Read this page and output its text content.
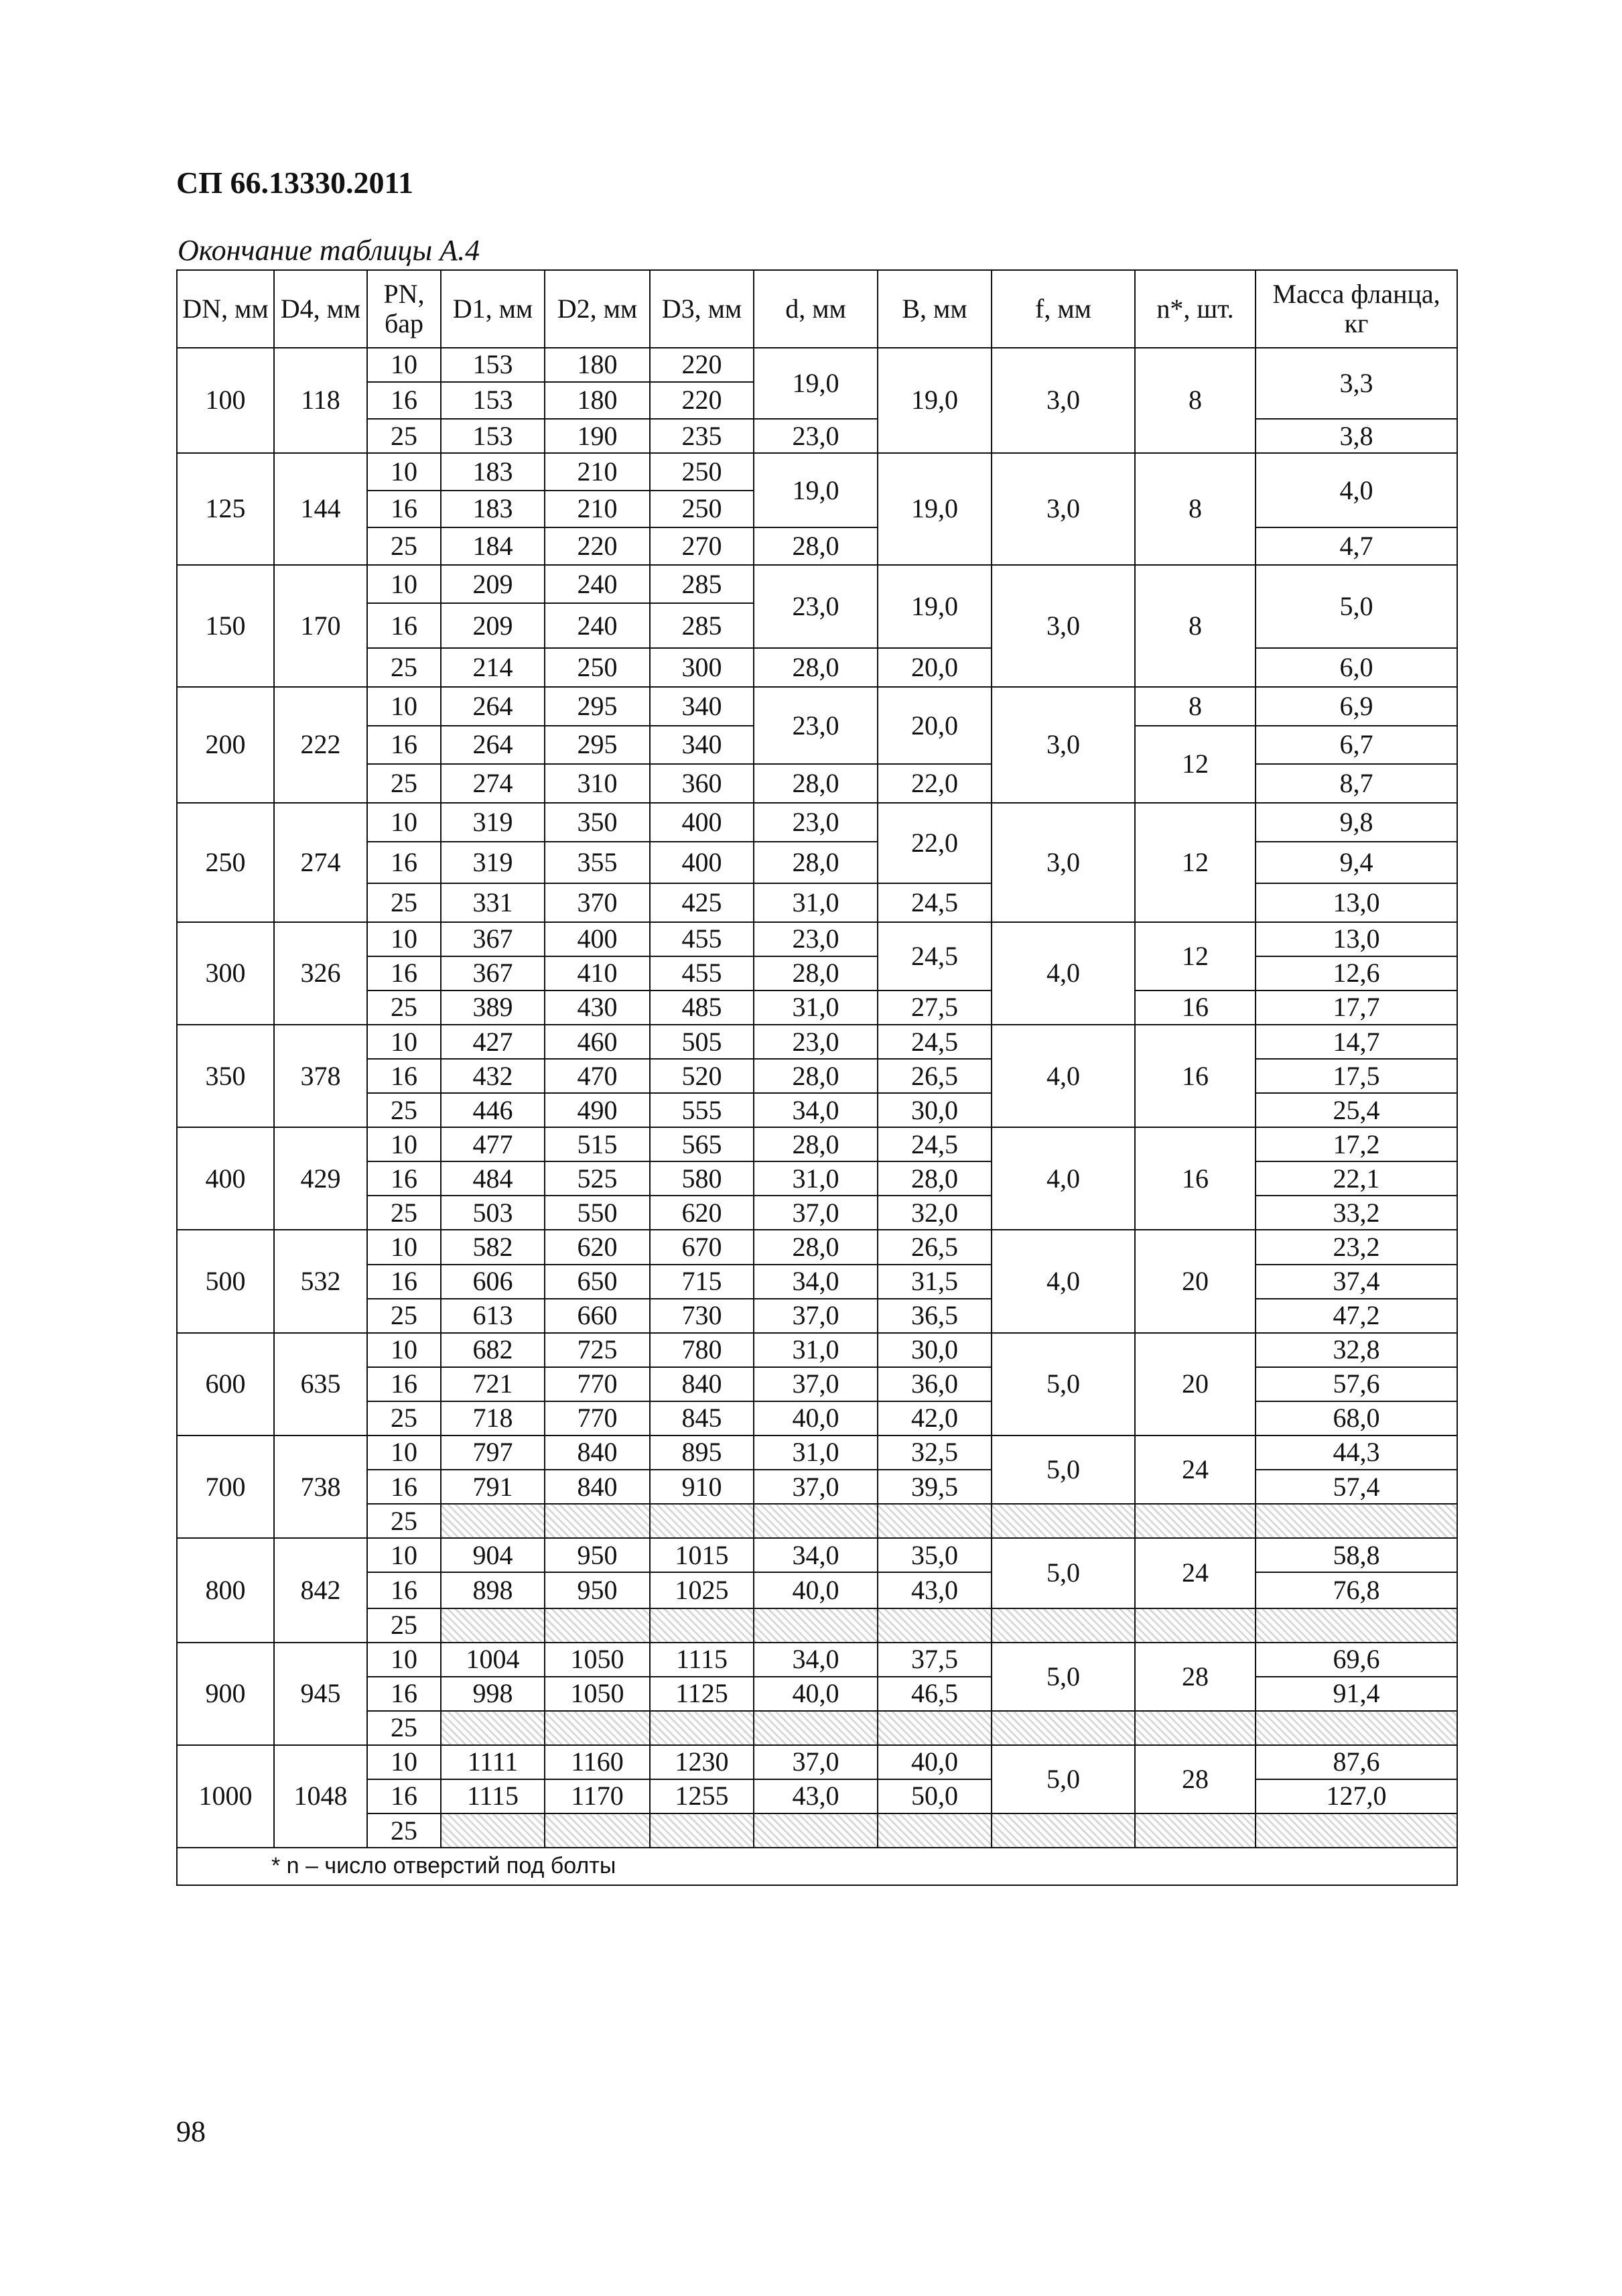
СП 66.13330.2011
Окончание таблицы А.4
DN, мм	D4, мм	PN, бар	D1, мм	D2, мм	D3, мм	d, мм	B, мм	f, мм	n*, шт.	Масса фланца, кг
100	118	10	153	180	220	19,0	19,0	3,0	8	3,3
		16	153	180	220					
		25	153	190	235	23,0				3,8
125	144	10	183	210	250	19,0	19,0	3,0	8	4,0
		16	183	210	250					
		25	184	220	270	28,0				4,7
150	170	10	209	240	285	23,0	19,0	3,0	8	5,0
		16	209	240	285					
		25	214	250	300	28,0	20,0			6,0
200	222	10	264	295	340	23,0	20,0	3,0	8	6,9
		16	264	295	340				12	6,7
		25	274	310	360	28,0	22,0			8,7
250	274	10	319	350	400	23,0	22,0	3,0	12	9,8
		16	319	355	400	28,0				9,4
		25	331	370	425	31,0	24,5			13,0
300	326	10	367	400	455	23,0	24,5	4,0	12	13,0
		16	367	410	455	28,0				12,6
		25	389	430	485	31,0	27,5		16	17,7
350	378	10	427	460	505	23,0	24,5	4,0	16	14,7
		16	432	470	520	28,0	26,5			17,5
		25	446	490	555	34,0	30,0			25,4
400	429	10	477	515	565	28,0	24,5	4,0	16	17,2
		16	484	525	580	31,0	28,0			22,1
		25	503	550	620	37,0	32,0			33,2
500	532	10	582	620	670	28,0	26,5	4,0	20	23,2
		16	606	650	715	34,0	31,5			37,4
		25	613	660	730	37,0	36,5			47,2
600	635	10	682	725	780	31,0	30,0	5,0	20	32,8
		16	721	770	840	37,0	36,0			57,6
		25	718	770	845	40,0	42,0			68,0
700	738	10	797	840	895	31,0	32,5	5,0	24	44,3
		16	791	840	910	37,0	39,5			57,4
		25								
800	842	10	904	950	1015	34,0	35,0	5,0	24	58,8
		16	898	950	1025	40,0	43,0			76,8
		25								
900	945	10	1004	1050	1115	34,0	37,5	5,0	28	69,6
		16	998	1050	1125	40,0	46,5			91,4
		25								
1000	1048	10	1111	1160	1230	37,0	40,0	5,0	28	87,6
		16	1115	1170	1255	43,0	50,0			127,0
		25								
* n – число отверстий под болты										
98
